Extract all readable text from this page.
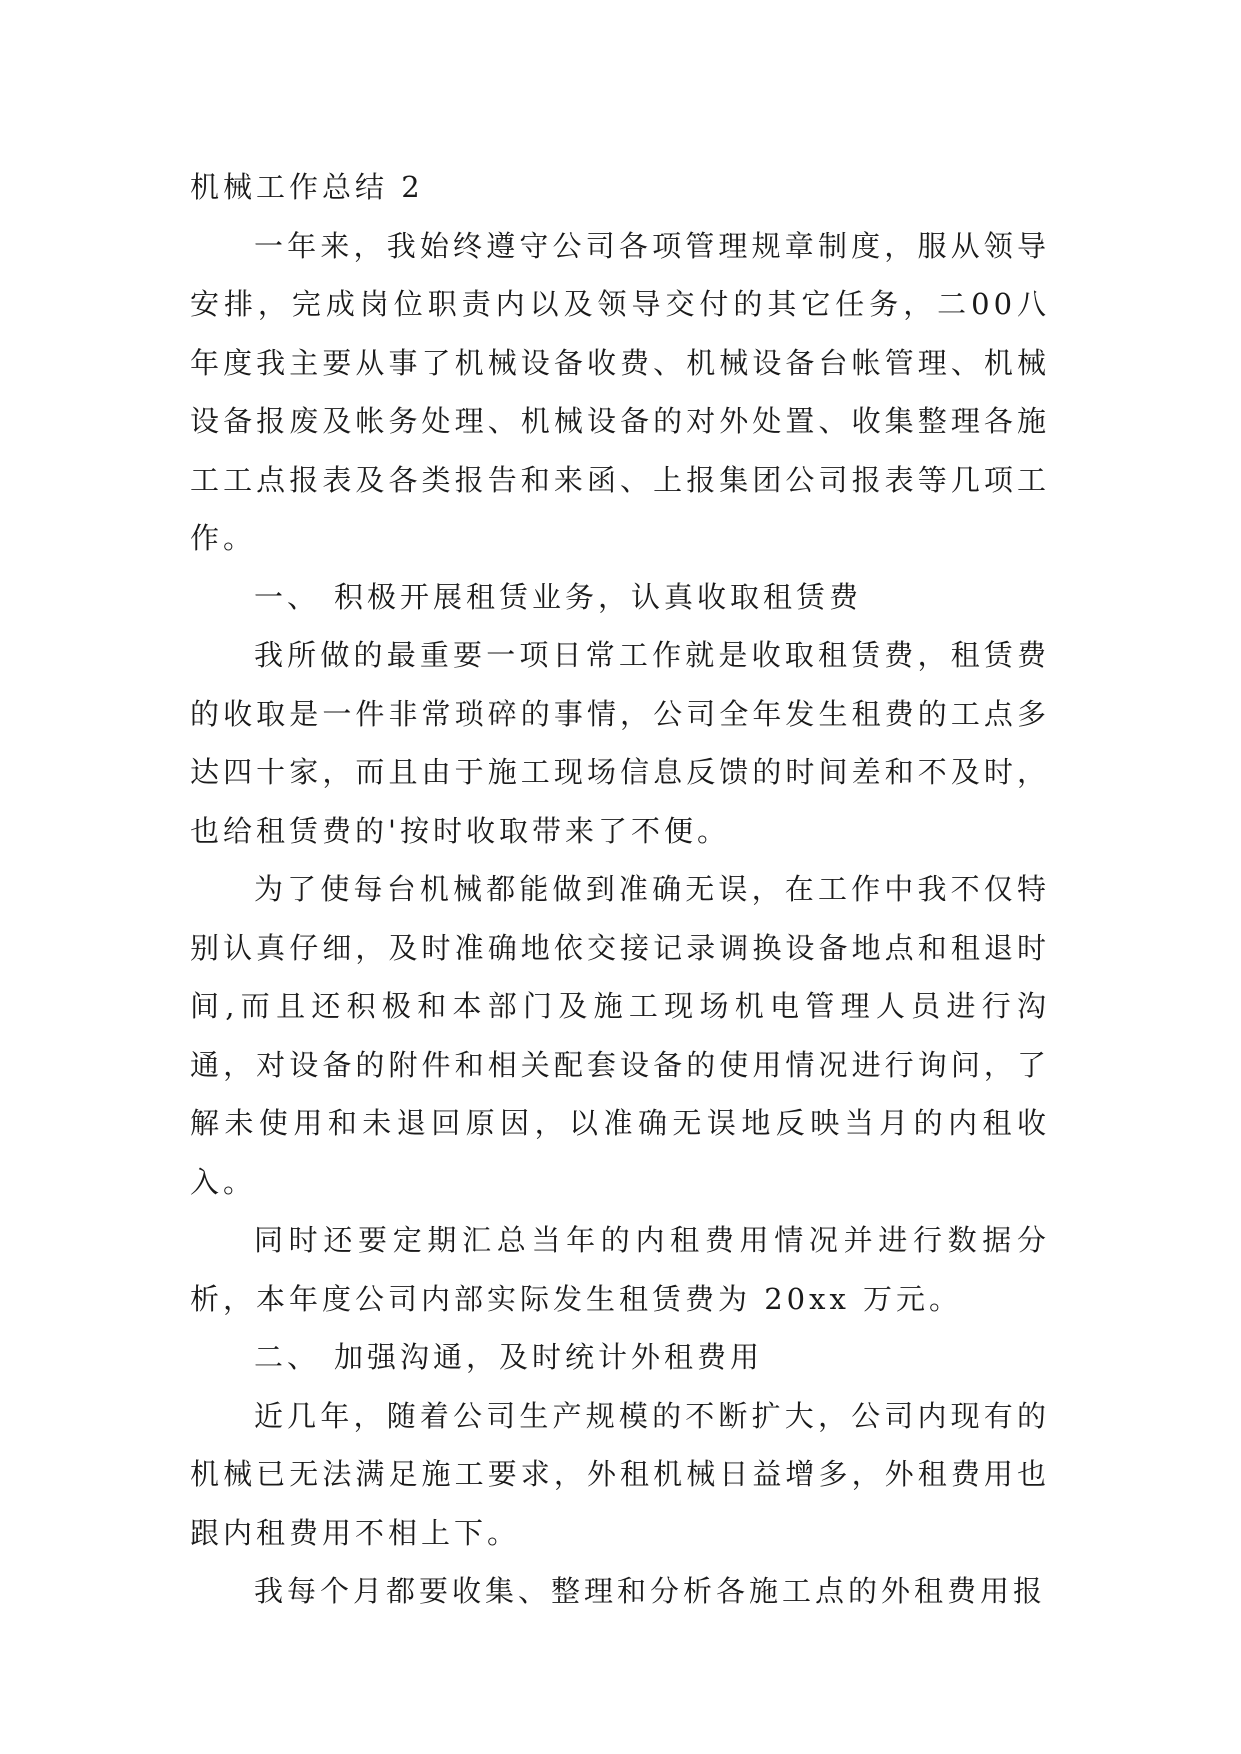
机械工作总结 2

一年来，我始终遵守公司各项管理规章制度，服从领导安排，完成岗位职责内以及领导交付的其它任务，二00八年度我主要从事了机械设备收费、机械设备台帐管理、机械设备报废及帐务处理、机械设备的对外处置、收集整理各施工工点报表及各类报告和来函、上报集团公司报表等几项工作。

一、 积极开展租赁业务，认真收取租赁费

我所做的最重要一项日常工作就是收取租赁费，租赁费的收取是一件非常琐碎的事情，公司全年发生租费的工点多达四十家，而且由于施工现场信息反馈的时间差和不及时，也给租赁费的'按时收取带来了不便。

为了使每台机械都能做到准确无误，在工作中我不仅特别认真仔细，及时准确地依交接记录调换设备地点和租退时间,而且还积极和本部门及施工现场机电管理人员进行沟通，对设备的附件和相关配套设备的使用情况进行询问，了解未使用和未退回原因，以准确无误地反映当月的内租收入。

同时还要定期汇总当年的内租费用情况并进行数据分析，本年度公司内部实际发生租赁费为 20xx 万元。

二、 加强沟通，及时统计外租费用

近几年，随着公司生产规模的不断扩大，公司内现有的机械已无法满足施工要求，外租机械日益增多，外租费用也跟内租费用不相上下。

我每个月都要收集、整理和分析各施工点的外租费用报
